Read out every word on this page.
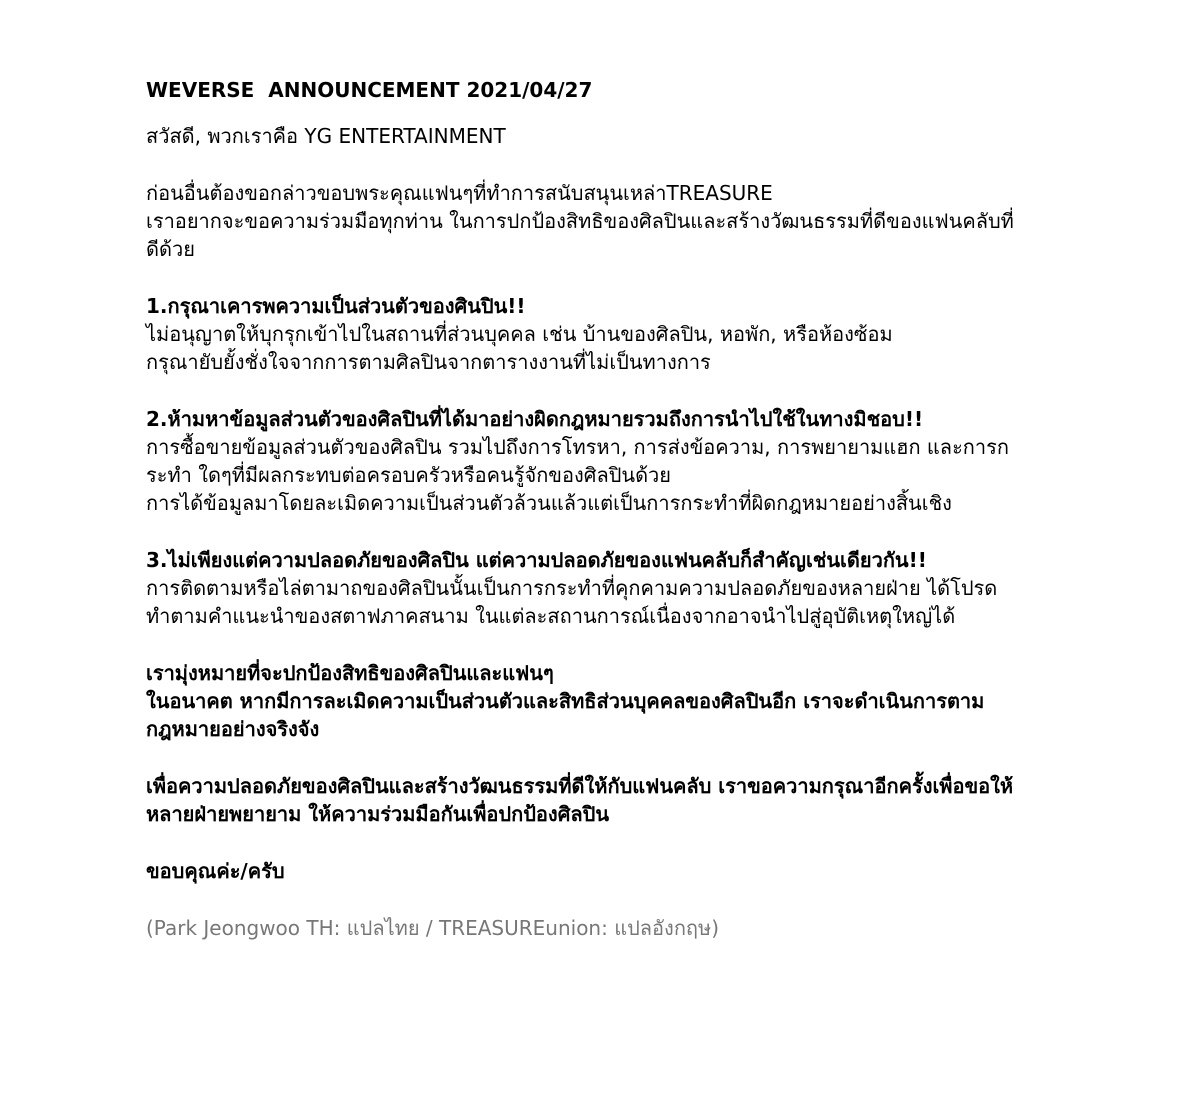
WEVERSE  ANNOUNCEMENT 2021/04/27
สวัสดี, พวกเราคือ YG ENTERTAINMENT
ก่อนอื่นต้องขอกล่าวขอบพระคุณแฟนๆที่ทำการสนับสนุนเหล่าTREASURE
เราอยากจะขอความร่วมมือทุกท่าน ในการปกป้องสิทธิของศิลปินและสร้างวัฒนธรรมที่ดีของแฟนคลับที่
ดีด้วย
1.กรุณาเคารพความเป็นส่วนตัวของศินปิน!!
ไม่อนุญาตให้บุกรุกเข้าไปในสถานที่ส่วนบุคคล เช่น บ้านของศิลปิน, หอพัก, หรือห้องซ้อม
กรุณายับยั้งชั่งใจจากการตามศิลปินจากตารางงานที่ไม่เป็นทางการ
2.ห้ามหาข้อมูลส่วนตัวของศิลปินที่ได้มาอย่างผิดกฎหมายรวมถึงการนำไปใช้ในทางมิชอบ!!
การซื้อขายข้อมูลส่วนตัวของศิลปิน รวมไปถึงการโทรหา, การส่งข้อความ, การพยายามแฮก และการก
ระทำ ใดๆที่มีผลกระทบต่อครอบครัวหรือคนรู้จักของศิลปินด้วย
การได้ข้อมูลมาโดยละเมิดความเป็นส่วนตัวล้วนแล้วแต่เป็นการกระทำที่ผิดกฎหมายอย่างสิ้นเชิง
3.ไม่เพียงแต่ความปลอดภัยของศิลปิน แต่ความปลอดภัยของแฟนคลับก็สำคัญเช่นเดียวกัน!!
การติดตามหรือไล่ตามาถของศิลปินนั้นเป็นการกระทำที่คุกคามความปลอดภัยของหลายฝ่าย ได้โปรด
ทำตามคำแนะนำของสตาฟภาคสนาม ในแต่ละสถานการณ์เนื่องจากอาจนำไปสู่อุบัติเหตุใหญ่ได้
เรามุ่งหมายที่จะปกป้องสิทธิของศิลปินและแฟนๆ
ในอนาคต หากมีการละเมิดความเป็นส่วนตัวและสิทธิส่วนบุคคลของศิลปินอีก เราจะดำเนินการตาม
กฎหมายอย่างจริงจัง
เพื่อความปลอดภัยของศิลปินและสร้างวัฒนธรรมที่ดีให้กับแฟนคลับ เราขอความกรุณาอีกครั้งเพื่อขอให้
หลายฝ่ายพยายาม ให้ความร่วมมือกันเพื่อปกป้องศิลปิน
ขอบคุณค่ะ/ครับ
(Park Jeongwoo TH: แปลไทย / TREASUREunion: แปลอังกฤษ)
